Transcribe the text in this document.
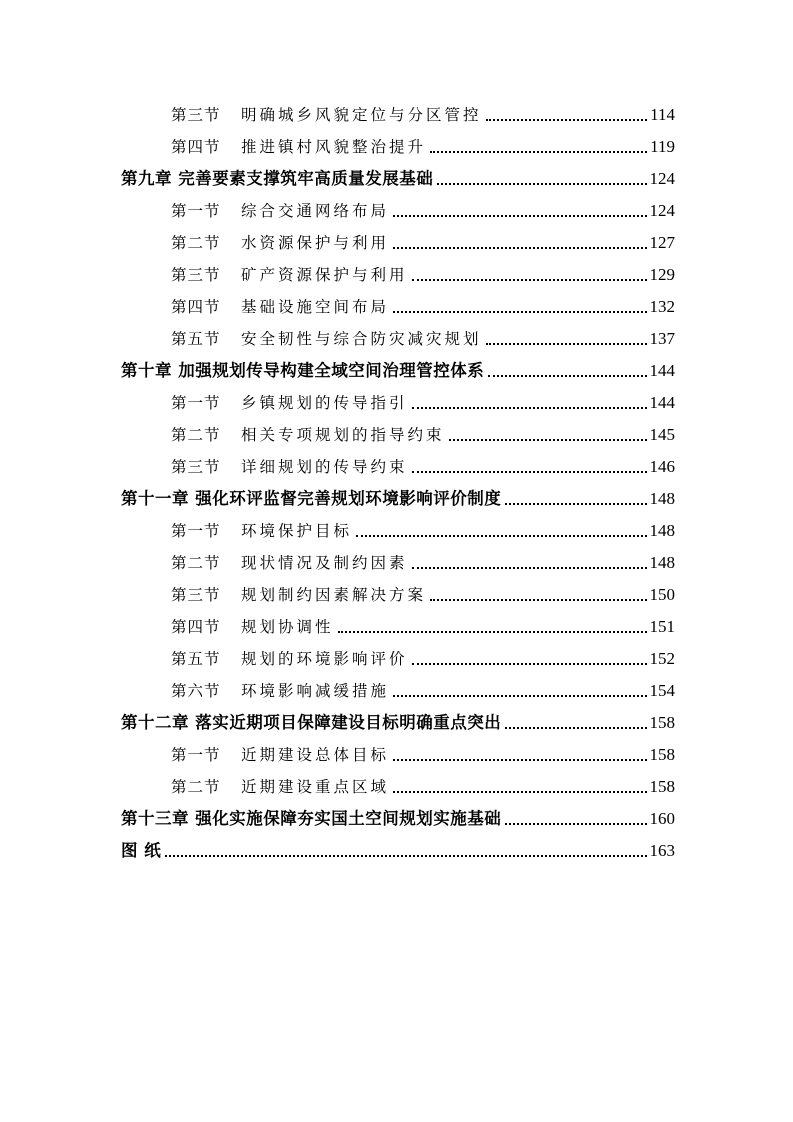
第三节	明确城乡风貌定位与分区管控	114
第四节	推进镇村风貌整治提升	119
第九章 完善要素支撑筑牢高质量发展基础	124
第一节	综合交通网络布局	124
第二节	水资源保护与利用	127
第三节	矿产资源保护与利用	129
第四节	基础设施空间布局	132
第五节	安全韧性与综合防灾减灾规划	137
第十章 加强规划传导构建全域空间治理管控体系	144
第一节	乡镇规划的传导指引	144
第二节	相关专项规划的指导约束	145
第三节	详细规划的传导约束	146
第十一章 强化环评监督完善规划环境影响评价制度	148
第一节	环境保护目标	148
第二节	现状情况及制约因素	148
第三节	规划制约因素解决方案	150
第四节	规划协调性	151
第五节	规划的环境影响评价	152
第六节	环境影响减缓措施	154
第十二章 落实近期项目保障建设目标明确重点突出	158
第一节	近期建设总体目标	158
第二节	近期建设重点区域	158
第十三章 强化实施保障夯实国土空间规划实施基础	160
图 纸	163
